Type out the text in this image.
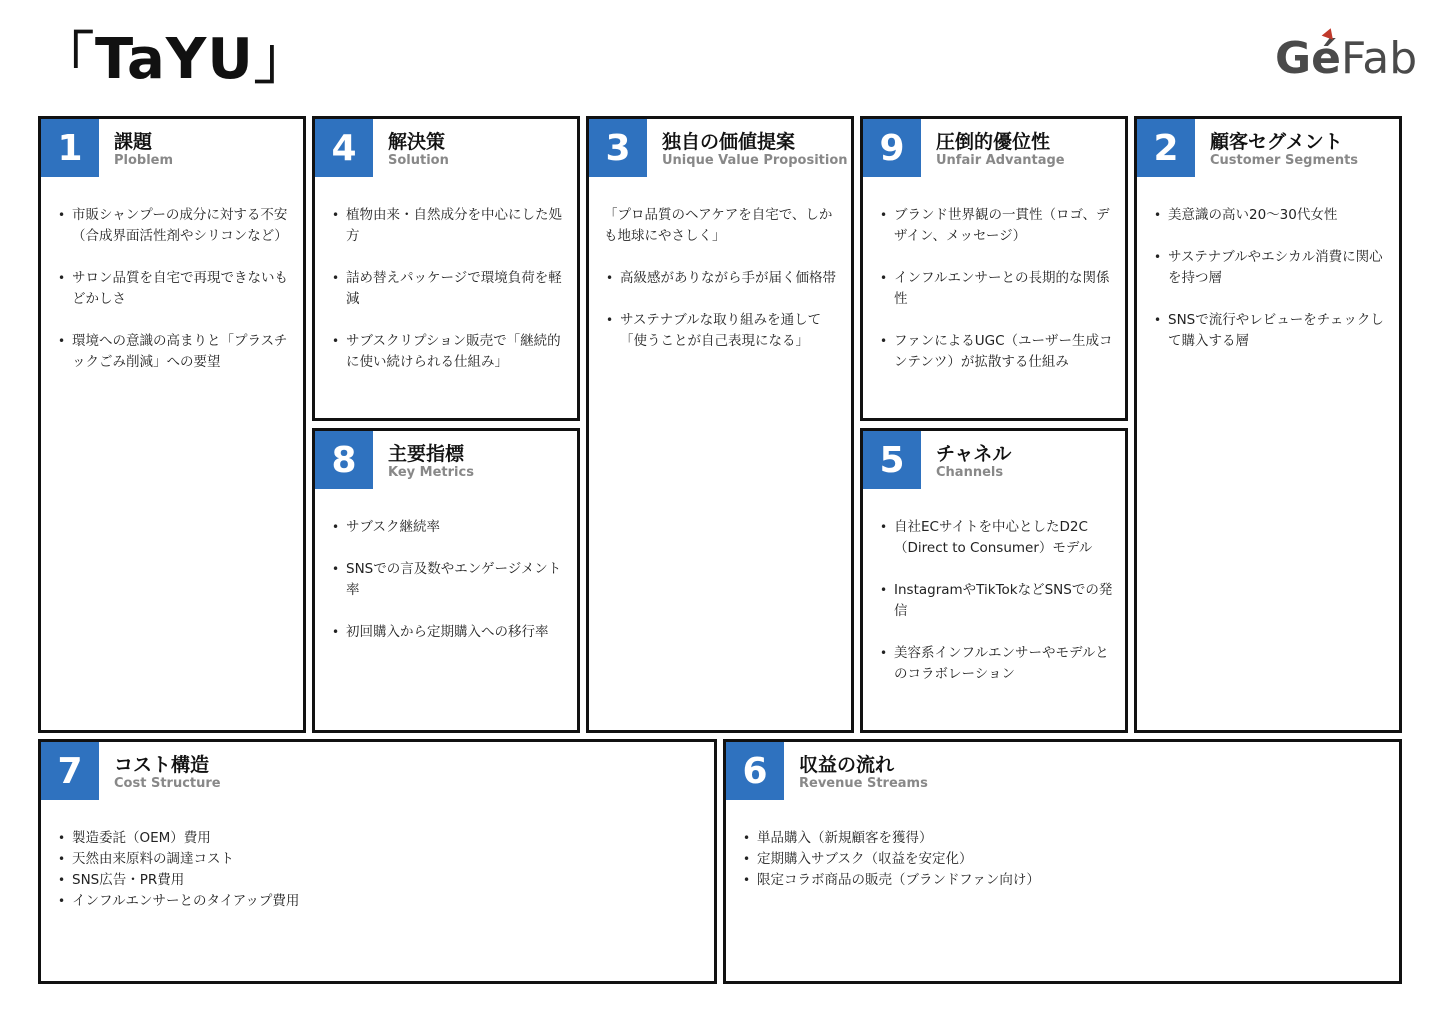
「TaYU」	GéFab
1	課題
Ploblem
• 市販シャンプーの成分に対する不安（合成界面活性剤やシリコンなど）
• サロン品質を自宅で再現できないもどかしさ
• 環境への意識の高まりと「プラスチックごみ削減」への要望
4	解決策
Solution
• 植物由来・自然成分を中心にした処方
• 詰め替えパッケージで環境負荷を軽減
• サブスクリプション販売で「継続的に使い続けられる仕組み」
8	主要指標
Key Metrics
• サブスク継続率
• SNSでの言及数やエンゲージメント率
• 初回購入から定期購入への移行率
3	独自の価値提案
Unique Value Proposition
「プロ品質のヘアケアを自宅で、しかも地球にやさしく」
• 高級感がありながら手が届く価格帯
• サステナブルな取り組みを通して「使うことが自己表現になる」
9	圧倒的優位性
Unfair Advantage
• ブランド世界観の一貫性（ロゴ、デザイン、メッセージ）
• インフルエンサーとの長期的な関係性
• ファンによるUGC（ユーザー生成コンテンツ）が拡散する仕組み
5	チャネル
Channels
• 自社ECサイトを中心としたD2C（Direct to Consumer）モデル
• InstagramやTikTokなどSNSでの発信
• 美容系インフルエンサーやモデルとのコラボレーション
2	顧客セグメント
Customer Segments
• 美意識の高い20〜30代女性
• サステナブルやエシカル消費に関心を持つ層
• SNSで流行やレビューをチェックして購入する層
7	コスト構造
Cost Structure
• 製造委託（OEM）費用
• 天然由来原料の調達コスト
• SNS広告・PR費用
• インフルエンサーとのタイアップ費用
6	収益の流れ
Revenue Streams
• 単品購入（新規顧客を獲得）
• 定期購入サブスク（収益を安定化）
• 限定コラボ商品の販売（ブランドファン向け）
